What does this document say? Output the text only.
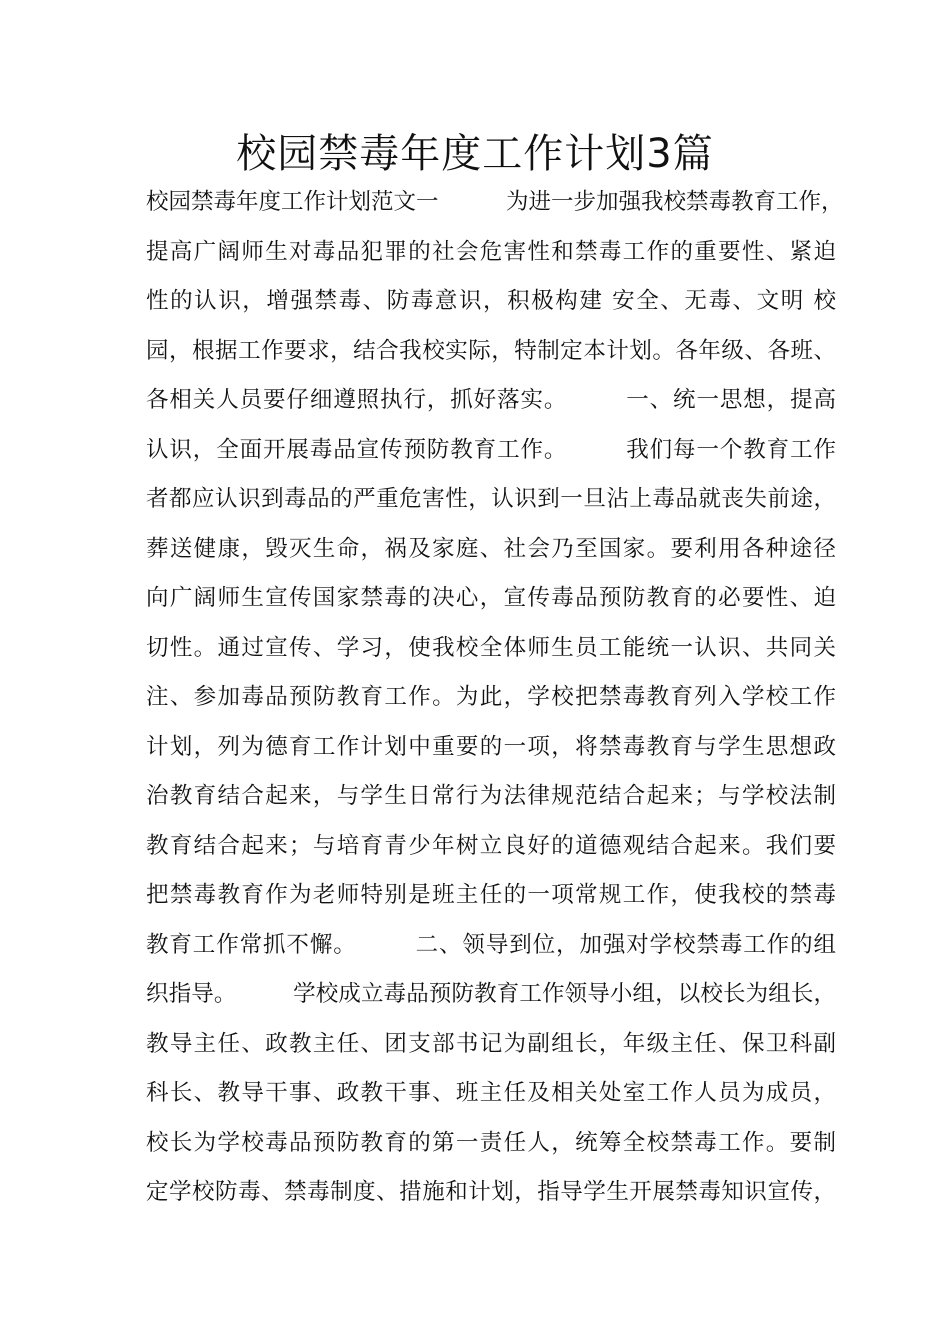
校园禁毒年度工作计划3篇
校园禁毒年度工作计划范文一　　　为进一步加强我校禁毒教育工作，
提高广阔师生对毒品犯罪的社会危害性和禁毒工作的重要性、紧迫
性的认识，增强禁毒、防毒意识，积极构建 安全、无毒、文明 校
园，根据工作要求，结合我校实际，特制定本计划。各年级、各班、
各相关人员要仔细遵照执行，抓好落实。　　　一、统一思想，提高
认识，全面开展毒品宣传预防教育工作。　　　我们每一个教育工作
者都应认识到毒品的严重危害性，认识到一旦沾上毒品就丧失前途，
葬送健康，毁灭生命，祸及家庭、社会乃至国家。要利用各种途径
向广阔师生宣传国家禁毒的决心，宣传毒品预防教育的必要性、迫
切性。通过宣传、学习，使我校全体师生员工能统一认识、共同关
注、参加毒品预防教育工作。为此，学校把禁毒教育列入学校工作
计划，列为德育工作计划中重要的一项，将禁毒教育与学生思想政
治教育结合起来，与学生日常行为法律规范结合起来；与学校法制
教育结合起来；与培育青少年树立良好的道德观结合起来。我们要
把禁毒教育作为老师特别是班主任的一项常规工作，使我校的禁毒
教育工作常抓不懈。　　　二、领导到位，加强对学校禁毒工作的组
织指导。　　　学校成立毒品预防教育工作领导小组，以校长为组长，
教导主任、政教主任、团支部书记为副组长，年级主任、保卫科副
科长、教导干事、政教干事、班主任及相关处室工作人员为成员，
校长为学校毒品预防教育的第一责任人，统筹全校禁毒工作。要制
定学校防毒、禁毒制度、措施和计划，指导学生开展禁毒知识宣传，
